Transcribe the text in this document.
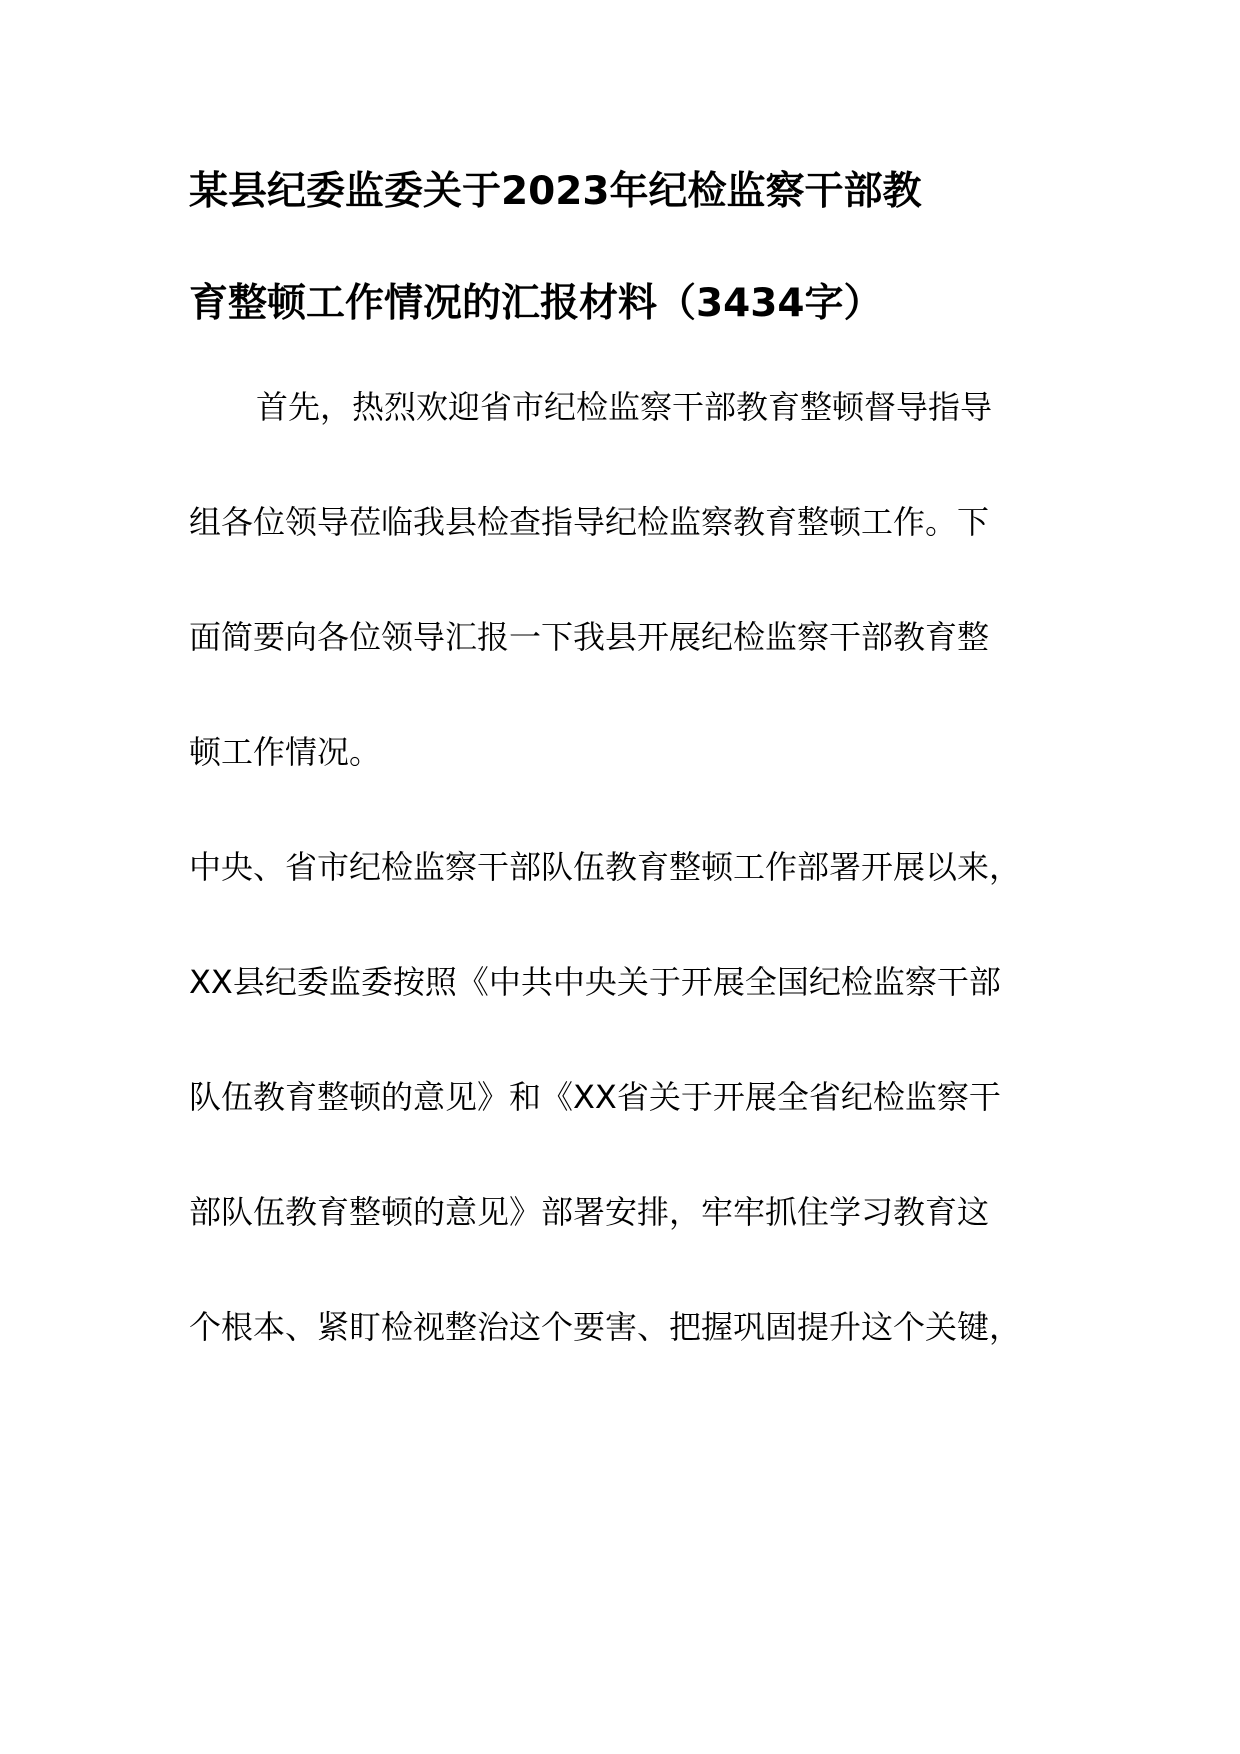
某县纪委监委关于2023年纪检监察干部教
育整顿工作情况的汇报材料（3434字）
首先，热烈欢迎省市纪检监察干部教育整顿督导指导
组各位领导莅临我县检查指导纪检监察教育整顿工作。下
面简要向各位领导汇报一下我县开展纪检监察干部教育整
顿工作情况。
中央、省市纪检监察干部队伍教育整顿工作部署开展以来，
XX县纪委监委按照《中共中央关于开展全国纪检监察干部
队伍教育整顿的意见》和《XX省关于开展全省纪检监察干
部队伍教育整顿的意见》部署安排，牢牢抓住学习教育这
个根本、紧盯检视整治这个要害、把握巩固提升这个关键，
